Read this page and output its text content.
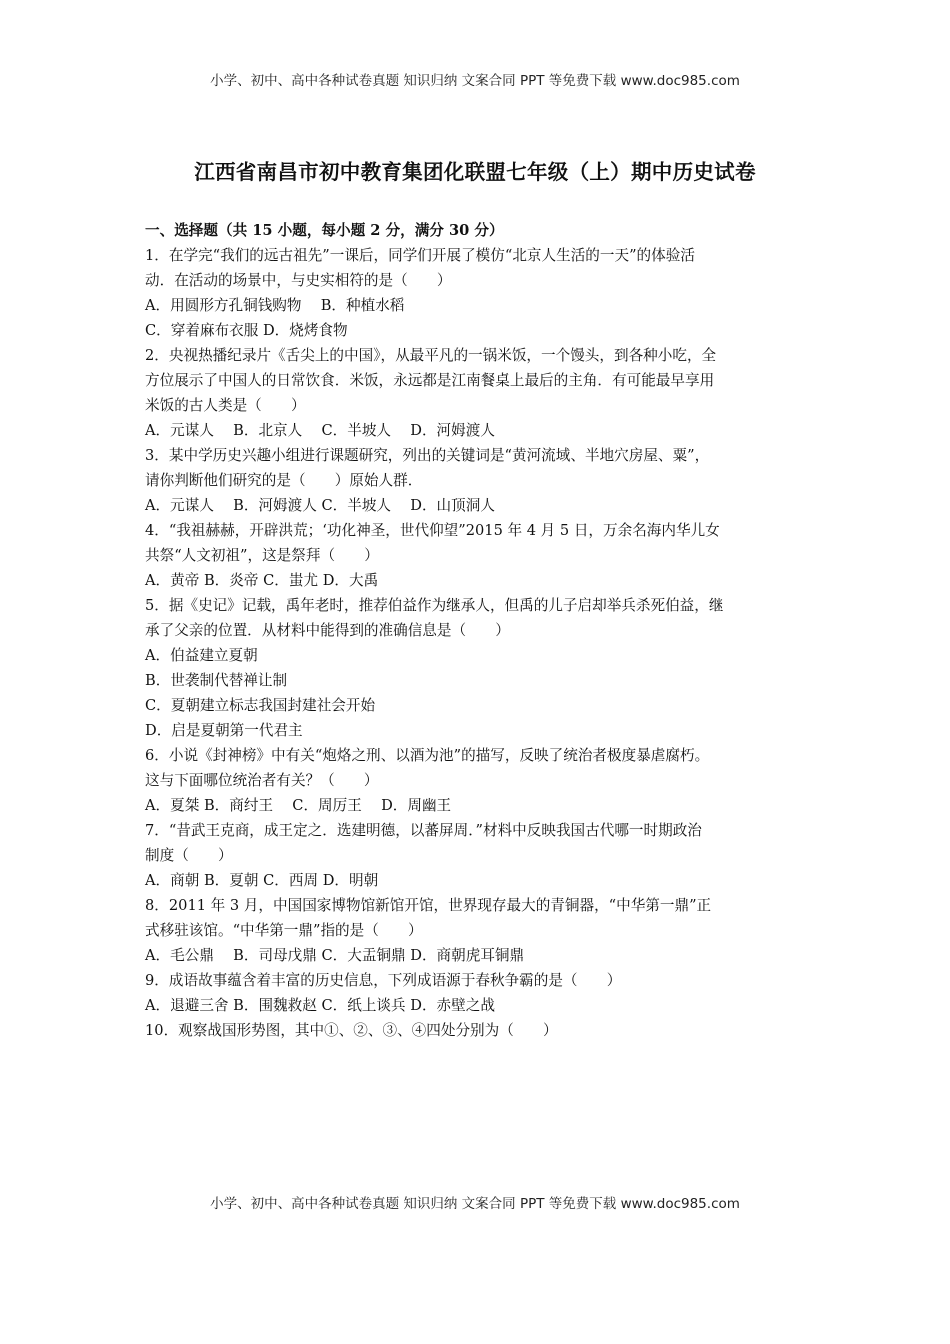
小学、初中、高中各种试卷真题 知识归纳 文案合同 PPT 等免费下载 www.doc985.com
江西省南昌市初中教育集团化联盟七年级（上）期中历史试卷
一、选择题（共 15 小题，每小题 2 分，满分 30 分）
1．在学完“我们的远古祖先”一课后，同学们开展了模仿“北京人生活的一天”的体验活
动．在活动的场景中，与史实相符的是（　　）
A．用圆形方孔铜钱购物　 B．种植水稻
C．穿着麻布衣服 D．烧烤食物
2．央视热播纪录片《舌尖上的中国》，从最平凡的一锅米饭，一个馒头，到各种小吃，全
方位展示了中国人的日常饮食．米饭，永远都是江南餐桌上最后的主角．有可能最早享用
米饭的古人类是（　　）
A．元谋人　 B．北京人　 C．半坡人　 D．河姆渡人
3．某中学历史兴趣小组进行课题研究，列出的关键词是“黄河流域、半地穴房屋、粟”，
请你判断他们研究的是（　　）原始人群．
A．元谋人　 B．河姆渡人 C．半坡人　 D．山顶洞人
4．“我祖赫赫，开辟洪荒；‘功化神圣，世代仰望”2015 年 4 月 5 日，万余名海内华儿女
共祭“人文初祖”，这是祭拜（　　）
A．黄帝 B．炎帝 C．蚩尤 D．大禹
5．据《史记》记载，禹年老时，推荐伯益作为继承人，但禹的儿子启却举兵杀死伯益，继
承了父亲的位置．从材料中能得到的准确信息是（　　）
A．伯益建立夏朝
B．世袭制代替禅让制
C．夏朝建立标志我国封建社会开始
D．启是夏朝第一代君主
6．小说《封神榜》中有关“炮烙之刑、以酒为池”的描写，反映了统治者极度暴虐腐朽。
这与下面哪位统治者有关？（　　）
A．夏桀 B．商纣王　 C．周厉王　 D．周幽王
7．“昔武王克商，成王定之．选建明德，以蕃屏周．”材料中反映我国古代哪一时期政治
制度（　　）
A．商朝 B．夏朝 C．西周 D．明朝
8．2011 年 3 月，中国国家博物馆新馆开馆，世界现存最大的青铜器，“中华第一鼎”正
式移驻该馆。“中华第一鼎”指的是（　　）
A．毛公鼎　 B．司母戊鼎 C．大盂铜鼎 D．商朝虎耳铜鼎
9．成语故事蕴含着丰富的历史信息，下列成语源于春秋争霸的是（　　）
A．退避三舍 B．围魏救赵 C．纸上谈兵 D．赤壁之战
10．观察战国形势图，其中①、②、③、④四处分别为（　　）
小学、初中、高中各种试卷真题 知识归纳 文案合同 PPT 等免费下载 www.doc985.com
